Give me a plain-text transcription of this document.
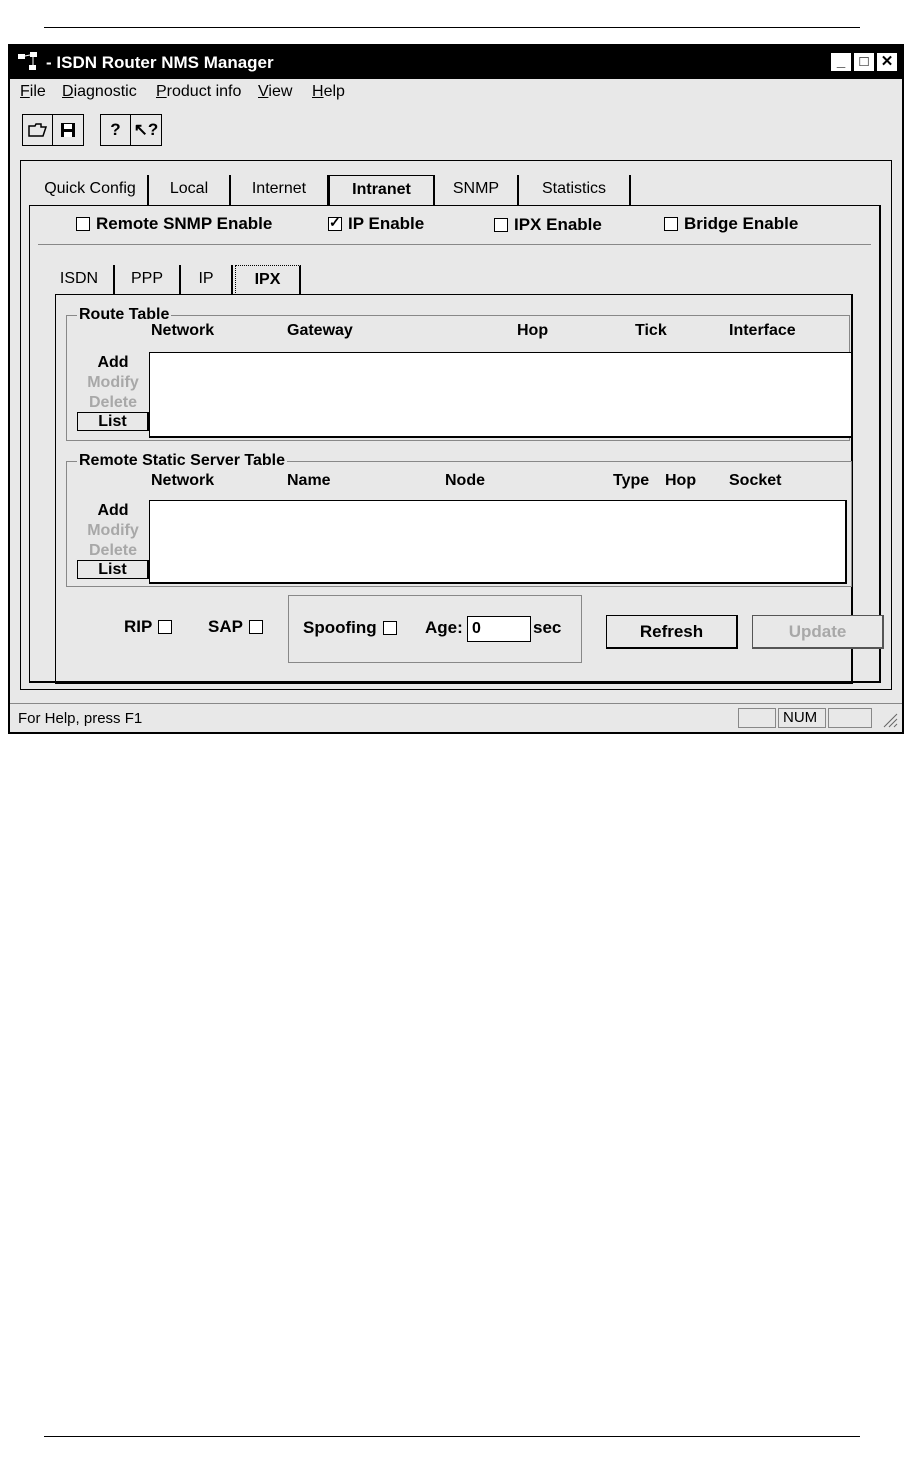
- ISDN Router NMS Manager	_ □ ✕
File Diagnostic Product info View Help
? ↖?
Quick Config	Local	Internet	Intranet	SNMP	Statistics
Remote SNMP Enable
✓	IP Enable	IPX Enable	Bridge Enable
ISDN	PPP	IP	IPX
Route Table
Network	Gateway	Hop	Tick	Interface
Add
Modify
Delete
List
Remote Static Server Table
Network	Name	Node	Type Hop Socket
Add
Modify
Delete
List
RIP	SAP	Spoofing	Age: 0	sec	Refresh	Update
For Help, press F1	NUM
